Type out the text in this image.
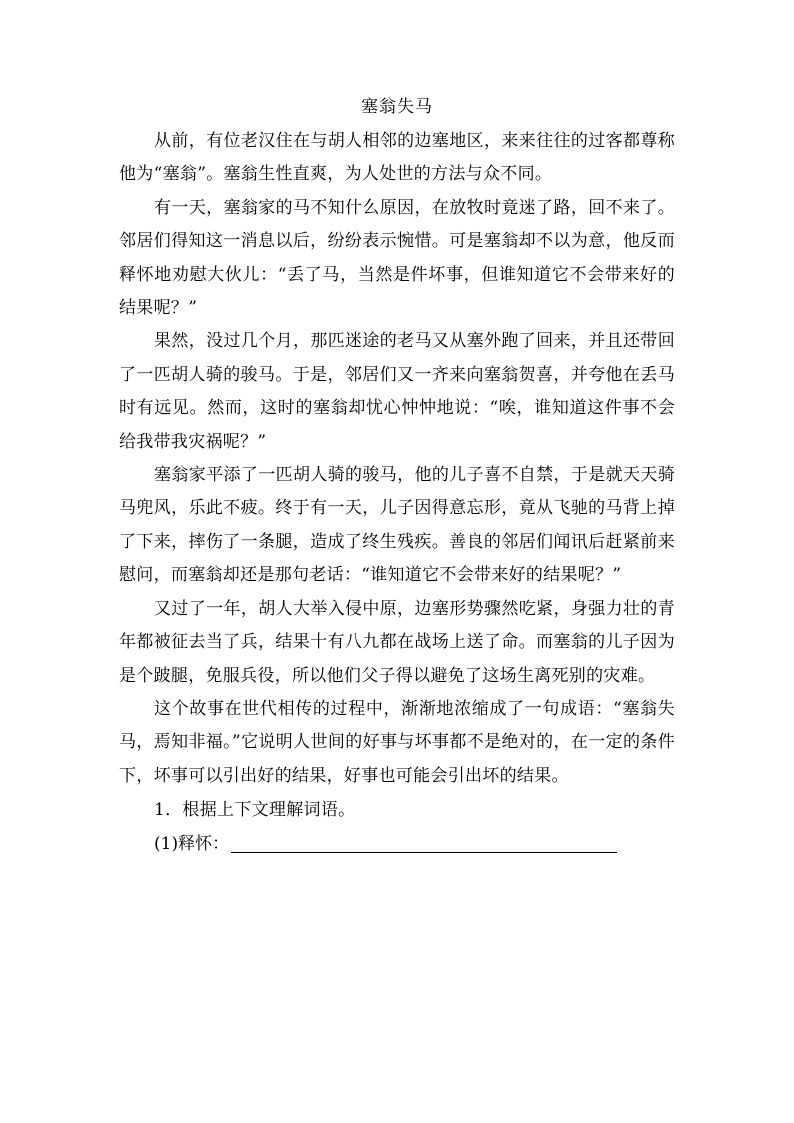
塞翁失马

从前，有位老汉住在与胡人相邻的边塞地区，来来往往的过客都尊称他为“塞翁”。塞翁生性直爽，为人处世的方法与众不同。

有一天，塞翁家的马不知什么原因，在放牧时竟迷了路，回不来了。邻居们得知这一消息以后，纷纷表示惋惜。可是塞翁却不以为意，他反而释怀地劝慰大伙儿：“丢了马，当然是件坏事，但谁知道它不会带来好的结果呢？”

果然，没过几个月，那匹迷途的老马又从塞外跑了回来，并且还带回了一匹胡人骑的骏马。于是，邻居们又一齐来向塞翁贺喜，并夸他在丢马时有远见。然而，这时的塞翁却忧心忡忡地说：“唉，谁知道这件事不会给我带我灾祸呢？”

塞翁家平添了一匹胡人骑的骏马，他的儿子喜不自禁，于是就天天骑马兜风，乐此不疲。终于有一天，儿子因得意忘形，竟从飞驰的马背上掉了下来，摔伤了一条腿，造成了终生残疾。善良的邻居们闻讯后赶紧前来慰问，而塞翁却还是那句老话：“谁知道它不会带来好的结果呢？”

又过了一年，胡人大举入侵中原，边塞形势骤然吃紧，身强力壮的青年都被征去当了兵，结果十有八九都在战场上送了命。而塞翁的儿子因为是个跛腿，免服兵役，所以他们父子得以避免了这场生离死别的灾难。

这个故事在世代相传的过程中，渐渐地浓缩成了一句成语：“塞翁失马，焉知非福。”它说明人世间的好事与坏事都不是绝对的，在一定的条件下，坏事可以引出好的结果，好事也可能会引出坏的结果。

1．根据上下文理解词语。

(1)释怀：
